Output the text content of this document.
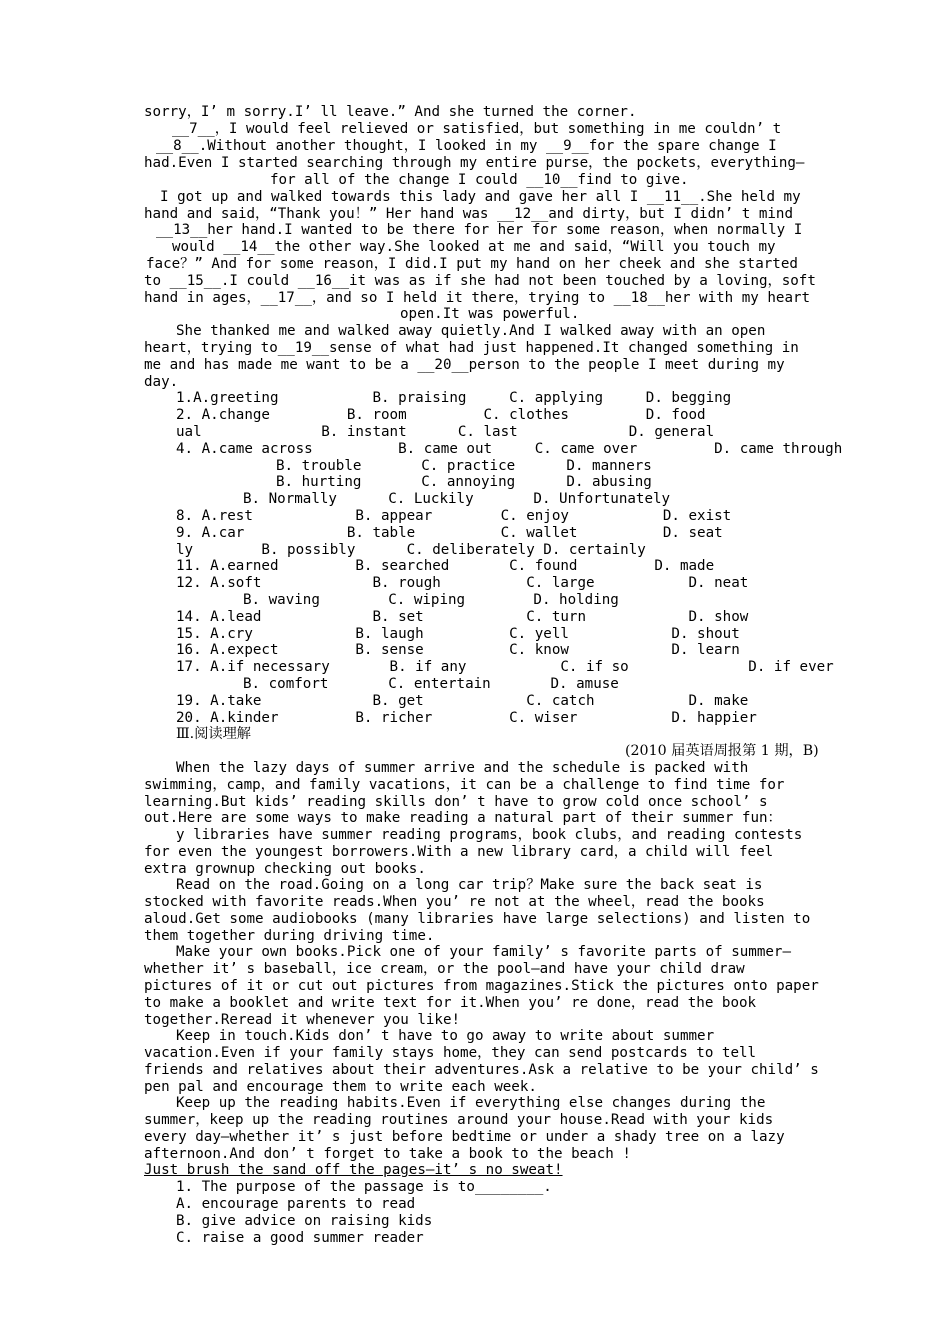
sorry，I’ m sorry.I’ ll leave.” And she turned the corner.
__7__，I would feel relieved or satisfied，but something in me couldn’ t
__8__.Without another thought，I looked in my __9__for the spare change I
had.Even I started searching through my entire purse，the pockets，everything—
for all of the change I could __10__find to give.
I got up and walked towards this lady and gave her all I __11__.She held my
hand and said，“Thank you！” Her hand was __12__and dirty，but I didn’ t mind
__13__her hand.I wanted to be there for her for some reason，when normally I
would __14__the other way.She looked at me and said，“Will you touch my
face？” And for some reason，I did.I put my hand on her cheek and she started
to __15__.I could __16__it was as if she had not been touched by a loving，soft
hand in ages，__17__，and so I held it there，trying to __18__her with my heart
open.It was powerful.
She thanked me and walked away quietly.And I walked away with an open
heart，trying to__19__sense of what had just happened.It changed something in
me and has made me want to be a __20__person to the people I meet during my
day.
1.A.greeting           B. praising     C. applying     D. begging
2. A.change         B. room         C. clothes         D. food
ual              B. instant      C. last             D. general
4. A.came across          B. came out     C. came over         D. came through
B. trouble       C. practice      D. manners
B. hurting       C. annoying      D. abusing
B. Normally      C. Luckily       D. Unfortunately
8. A.rest            B. appear        C. enjoy           D. exist
9. A.car            B. table          C. wallet          D. seat
ly        B. possibly      C. deliberately D. certainly
11. A.earned         B. searched       C. found         D. made
12. A.soft             B. rough          C. large           D. neat
B. waving        C. wiping        D. holding
14. A.lead             B. set            C. turn            D. show
15. A.cry            B. laugh          C. yell            D. shout
16. A.expect         B. sense          C. know            D. learn
17. A.if necessary       B. if any           C. if so              D. if ever
B. comfort       C. entertain       D. amuse
19. A.take             B. get            C. catch           D. make
20. A.kinder         B. richer         C. wiser           D. happier
Ⅲ.阅读理解
(2010 届英语周报第 1 期，B)
When the lazy days of summer arrive and the schedule is packed with
swimming，camp，and family vacations，it can be a challenge to find time for
learning.But kids’ reading skills don’ t have to grow cold once school’ s
out.Here are some ways to make reading a natural part of their summer fun：
y libraries have summer reading programs，book clubs，and reading contests
for even the youngest borrowers.With a new library card，a child will feel
extra grownup checking out books.
Read on the road.Going on a long car trip？Make sure the back seat is
stocked with favorite reads.When you’ re not at the wheel，read the books
aloud.Get some audiobooks (many libraries have large selections) and listen to
them together during driving time.
Make your own books.Pick one of your family’ s favorite parts of summer—
whether it’ s baseball，ice cream，or the pool—and have your child draw
pictures of it or cut out pictures from magazines.Stick the pictures onto paper
to make a booklet and write text for it.When you’ re done，read the book
together.Reread it whenever you like!
Keep in touch.Kids don’ t have to go away to write about summer
vacation.Even if your family stays home，they can send postcards to tell
friends and relatives about their adventures.Ask a relative to be your child’ s
pen pal and encourage them to write each week.
Keep up the reading habits.Even if everything else changes during the
summer，keep up the reading routines around your house.Read with your kids
every day—whether it’ s just before bedtime or under a shady tree on a lazy
afternoon.And don’ t forget to take a book to the beach !
Just brush the sand off the pages—it’ s no sweat!
1. The purpose of the passage is to________.
A. encourage parents to read
B. give advice on raising kids
C. raise a good summer reader
